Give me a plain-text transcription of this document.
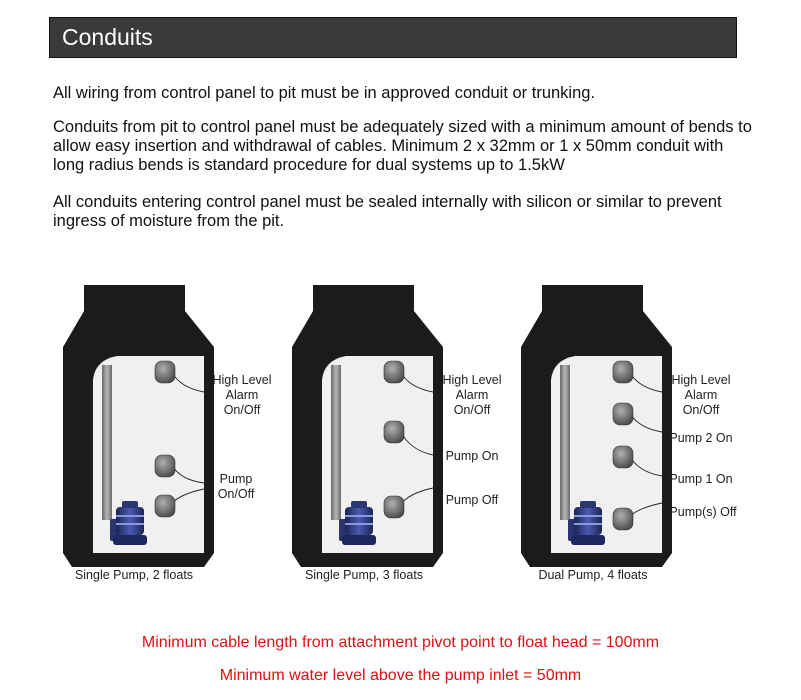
Conduits

All wiring from control panel to pit must be in approved conduit or trunking.

Conduits from pit to control panel must be adequately sized with a minimum amount of bends to allow easy insertion and withdrawal of cables. Minimum 2 x 32mm or 1 x 50mm conduit with long radius bends is standard procedure for dual systems up to 1.5kW

All conduits entering control panel must be sealed internally with silicon or similar to prevent ingress of moisture from the pit.

High Level
Alarm
On/Off
Pump
On/Off
Single Pump, 2 floats
High Level
Alarm
On/Off
Pump On
Pump Off
Single Pump, 3 floats
High Level
Alarm
On/Off
Pump 2 On
Pump 1 On
Pump(s) Off
Dual Pump, 4 floats
Minimum cable length from attachment pivot point to float head = 100mm
Minimum water level above the pump inlet = 50mm
